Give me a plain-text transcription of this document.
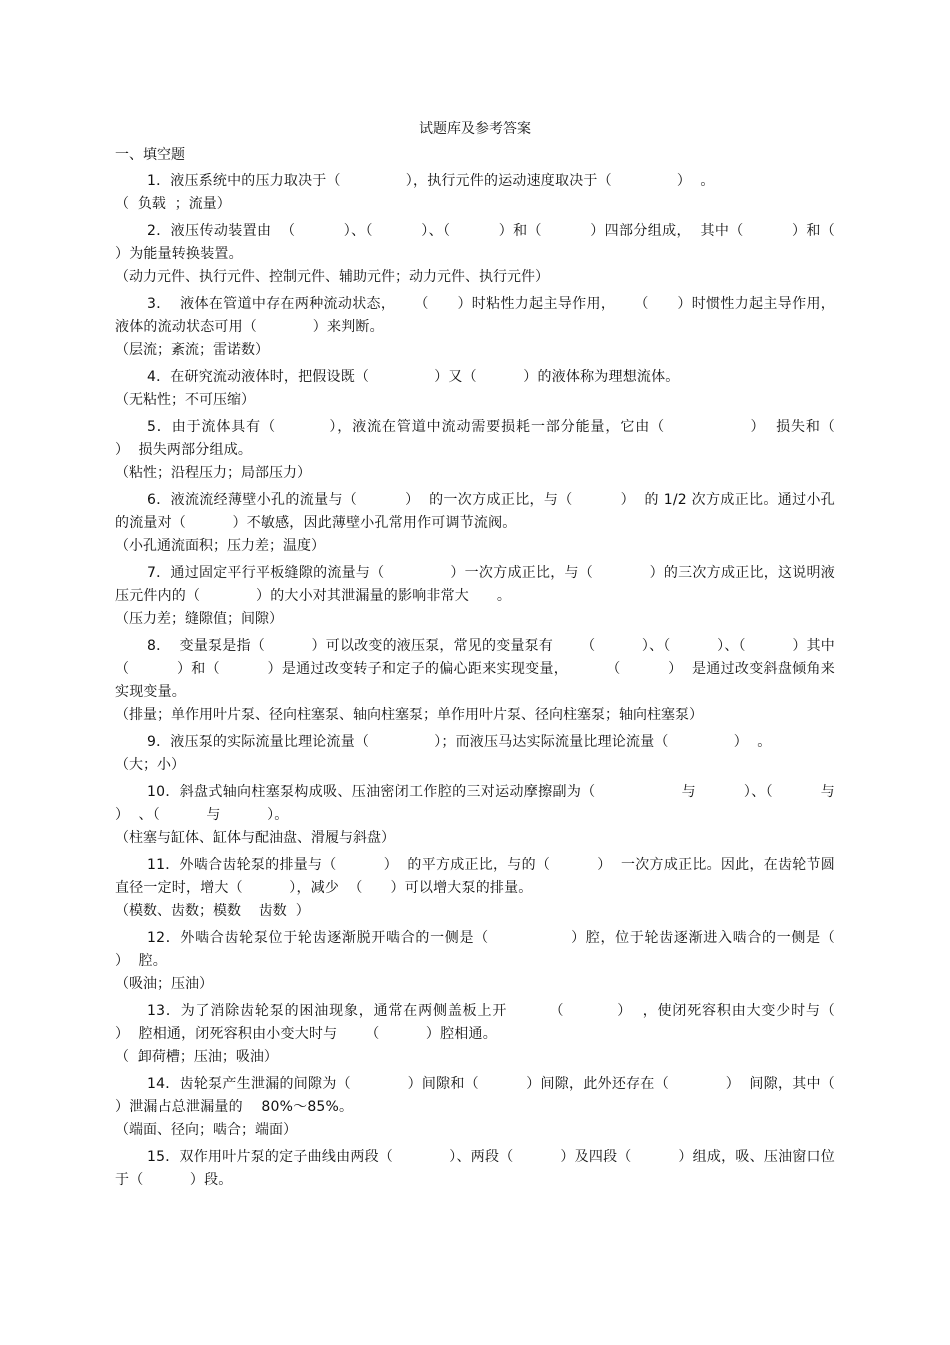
试题库及参考答案
一、填空题

1．液压系统中的压力取决于（              ），执行元件的运动速度取决于（              ）  。

（  负载  ；流量）

2．液压传动装置由  （          ）、（          ）、（          ）和（          ）四部分组成，  其中（          ）和（          ）为能量转换装置。

（动力元件、执行元件、控制元件、辅助元件；动力元件、执行元件）

3．  液体在管道中存在两种流动状态，    （      ）时粘性力起主导作用，    （      ）时惯性力起主导作用，液体的流动状态可用（            ）来判断。

（层流；紊流；雷诺数）

4．在研究流动液体时，把假设既（              ）又（          ）的液体称为理想流体。

（无粘性；不可压缩）

5．由于流体具有（          ），液流在管道中流动需要损耗一部分能量，它由（                ）  损失和（          ）  损失两部分组成。

（粘性；沿程压力；局部压力）

6．液流流经薄壁小孔的流量与（          ）  的一次方成正比，与（          ）  的 1/2 次方成正比。通过小孔的流量对（          ）不敏感，因此薄壁小孔常用作可调节流阀。

（小孔通流面积；压力差；温度）

7．通过固定平行平板缝隙的流量与（              ）一次方成正比，与（            ）的三次方成正比，这说明液压元件内的（            ）的大小对其泄漏量的影响非常大      。

（压力差；缝隙值；间隙）

8．  变量泵是指（          ）可以改变的液压泵，常见的变量泵有      （          ）、（          ）、（          ）其中  （          ）和（          ）是通过改变转子和定子的偏心距来实现变量，        （          ）  是通过改变斜盘倾角来实现变量。

（排量；单作用叶片泵、径向柱塞泵、轴向柱塞泵；单作用叶片泵、径向柱塞泵；轴向柱塞泵）

9．液压泵的实际流量比理论流量（              ）；而液压马达实际流量比理论流量（              ）  。

（大；小）

10．斜盘式轴向柱塞泵构成吸、压油密闭工作腔的三对运动摩擦副为（                  与          ）、（          与          ）  、（          与          ）。

（柱塞与缸体、缸体与配油盘、滑履与斜盘）

11．外啮合齿轮泵的排量与（          ）  的平方成正比，与的（          ）  一次方成正比。因此，在齿轮节圆直径一定时，增大（          ），减少  （      ）可以增大泵的排量。

（模数、齿数；模数    齿数  ）

12．外啮合齿轮泵位于轮齿逐渐脱开啮合的一侧是（                ）腔，位于轮齿逐渐进入啮合的一侧是（          ）  腔。

（吸油；压油）

13．为了消除齿轮泵的困油现象，通常在两侧盖板上开        （          ）  ，使闭死容积由大变少时与（          ）  腔相通，闭死容积由小变大时与      （          ）腔相通。

（  卸荷槽；压油；吸油）

14．齿轮泵产生泄漏的间隙为（            ）间隙和（          ）间隙，此外还存在（            ）  间隙，其中（            ）泄漏占总泄漏量的    80%～85%。

（端面、径向；啮合；端面）

15．双作用叶片泵的定子曲线由两段（            ）、两段（          ）及四段（          ）组成，吸、压油窗口位于（          ）段。
